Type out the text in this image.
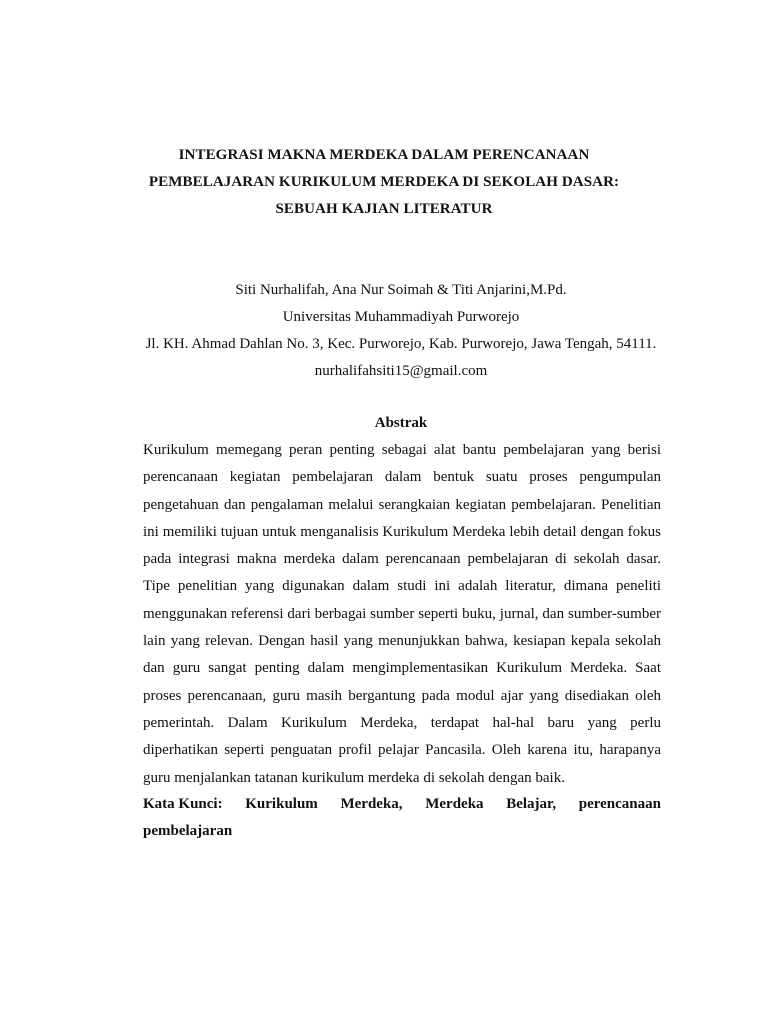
INTEGRASI MAKNA MERDEKA DALAM PERENCANAAN
PEMBELAJARAN KURIKULUM MERDEKA DI SEKOLAH DASAR:
SEBUAH KAJIAN LITERATUR
Siti Nurhalifah, Ana Nur Soimah & Titi Anjarini,M.Pd.
Universitas Muhammadiyah Purworejo
Jl. KH. Ahmad Dahlan No. 3, Kec. Purworejo, Kab. Purworejo, Jawa Tengah, 54111.
nurhalifahsiti15@gmail.com
Abstrak
Kurikulum memegang peran penting sebagai alat bantu pembelajaran yang berisi
perencanaan kegiatan pembelajaran dalam bentuk suatu proses pengumpulan
pengetahuan dan pengalaman melalui serangkaian kegiatan pembelajaran. Penelitian
ini memiliki tujuan untuk menganalisis Kurikulum Merdeka lebih detail dengan fokus
pada integrasi makna merdeka dalam perencanaan pembelajaran di sekolah dasar.
Tipe penelitian yang digunakan dalam studi ini adalah literatur, dimana peneliti
menggunakan referensi dari berbagai sumber seperti buku, jurnal, dan sumber-sumber
lain yang relevan. Dengan hasil yang menunjukkan bahwa, kesiapan kepala sekolah
dan guru sangat penting dalam mengimplementasikan Kurikulum Merdeka. Saat
proses perencanaan, guru masih bergantung pada modul ajar yang disediakan oleh
pemerintah. Dalam Kurikulum Merdeka, terdapat hal-hal baru yang perlu
diperhatikan seperti penguatan profil pelajar Pancasila. Oleh karena itu, harapanya
guru menjalankan tatanan kurikulum merdeka di sekolah dengan baik.
Kata Kunci: Kurikulum Merdeka, Merdeka Belajar, perencanaan
pembelajaran
